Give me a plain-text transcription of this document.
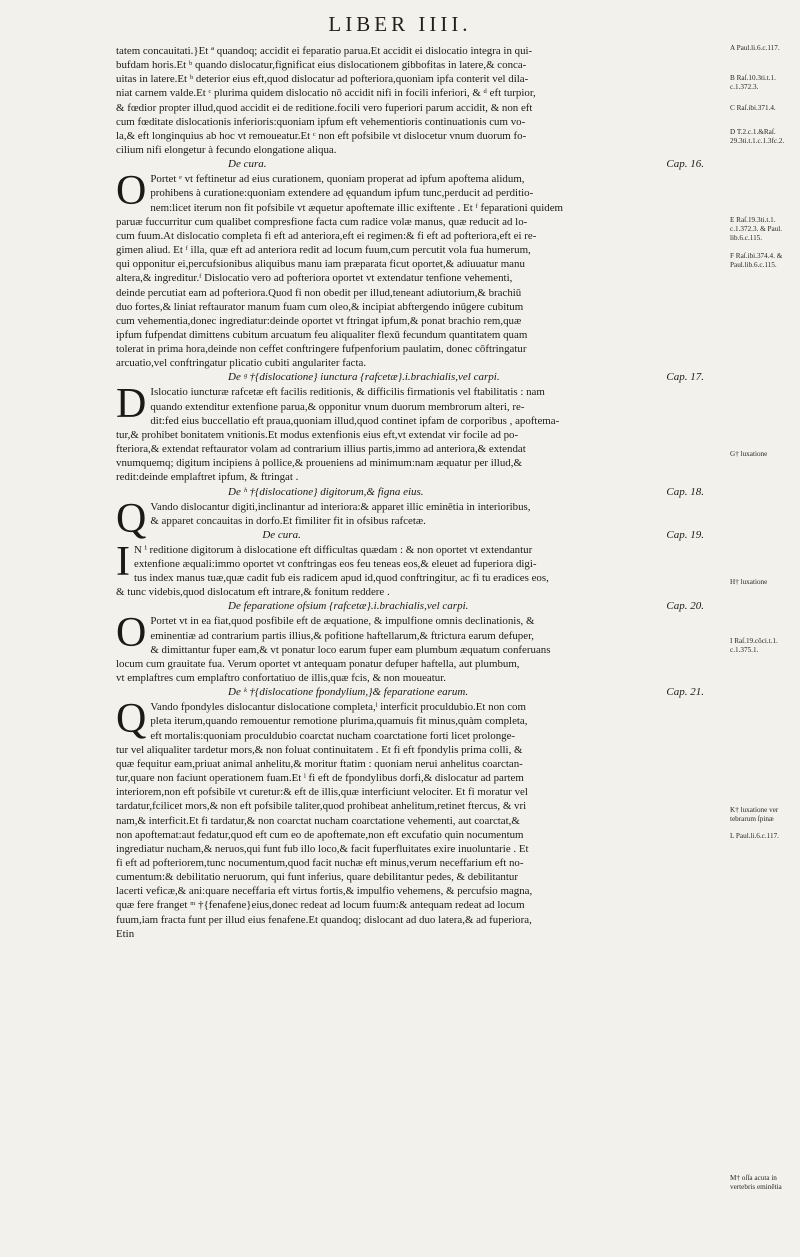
LIBER IIII.
tatem concauitati.}Et ª quandoq; accidit ei feparatio parua.Et accidit ei dislocatio integra in qui-
bufdam horis.Et ᵇ quando dislocatur,fignificat eius dislocationem gibbofitas in latere,& conca-
uitas in latere.Et ᵇ deterior eius eft,quod dislocatur ad pofteriora,quoniam ipfa conterit vel dila-
niat carnem valde.Et ᶜ plurima quidem dislocatio nō accidit nifi in focili inferiori, & ᵈ eft turpior,
& fœdior propter illud,quod accidit ei de reditione.focili vero fuperiori parum accidit, & non eft
cum fœditate dislocationis inferioris:quoniam ipfum eft vehementioris continuationis cum vo-
la,& eft longinquius ab hoc vt remoueatur.Et ᶜ non eft pofsibile vt dislocetur vnum duorum fo-
cilium nifi elongetur à fecundo elongatione aliqua.
De cura.	Cap. 16.
O Portet ᵉ vt feftinetur ad eius curationem, quoniam properat ad ipfum apoftema alidum,
prohibens à curatione:quoniam extendere ad ęquandum ipfum tunc,perducit ad perditio-
nem:licet iterum non fit pofsibile vt æquetur apoftemate illic exiftente . Et ᶠ feparationi quidem
paruæ fuccurritur cum qualibet compresfione facta cum radice volæ manus, quæ reducit ad lo-
cum fuum.At dislocatio completa fi eft ad anteriora,eft ei regimen:& fi eft ad pofteriora,eft ei re-
gimen aliud. Et ᶠ illa, quæ eft ad anteriora redit ad locum fuum,cum percutit vola fua humerum,
qui opponitur ei,percufsionibus aliquibus manu iam præparata ficut oportet,& adiuuatur manu
altera,& ingreditur.ᶠ Dislocatio vero ad pofteriora oportet vt extendatur tenfione vehementi,
deinde percutiat eam ad pofteriora.Quod fi non obedit per illud,teneant adiutorium,& brachiū
duo fortes,& liniat reftaurator manum fuam cum oleo,& incipiat abftergendo inūgere cubitum
cum vehementia,donec ingrediatur:deinde oportet vt ftringat ipfum,& ponat brachio rem,quæ
ipfum fufpendat dimittens cubitum arcuatum feu aliqualiter flexū fecundum quantitatem quam
tolerat in prima hora,deinde non ceffet conftringere fufpenforium paulatim, donec cōftringatur
arcuatio,vel conftringatur plicatio cubiti angulariter facta.
De ᵍ †{dislocatione} iunctura {rafcetæ}.i.brachialis,vel carpi.	Cap. 17.
D Islocatio iuncturæ rafcetæ eft facilis reditionis, & difficilis firmationis vel ftabilitatis : nam
quando extenditur extenfione parua,& opponitur vnum duorum membrorum alteri, re-
dit:fed eius buccellatio eft praua,quoniam illud,quod continet ipfam de corporibus , apoftema-
tur,& prohibet bonitatem vnitionis.Et modus extenfionis eius eft,vt extendat vir focile ad po-
fteriora,& extendat reftaurator volam ad contrarium illius partis,immo ad anteriora,& extendat
vnumquemq; digitum incipiens à pollice,& proueniens ad minimum:nam æquatur per illud,&
redit:deinde emplaftret ipfum, & ftringat .
De ʰ †{dislocatione} digitorum,& figna eius.	Cap. 18.
Q Vando dislocantur digiti,inclinantur ad interiora:& apparet illic eminētia in interioribus,
& apparet concauitas in dorfo.Et fimiliter fit in ofsibus rafcetæ.
De cura.	Cap. 19.
I N ⁱ reditione digitorum à dislocatione eft difficultas quædam : & non oportet vt extendantur
extenfione æquali:immo oportet vt conftringas eos feu teneas eos,& eleuet ad fuperiora digi-
tus index manus tuæ,quæ cadit fub eis radicem apud id,quod conftringitur, ac fi tu eradices eos,
& tunc videbis,quod dislocatum eft intrare,& fonitum reddere .
De feparatione ofsium {rafcetæ}.i.brachialis,vel carpi.	Cap. 20.
O Portet vt in ea fiat,quod posfibile eft de æquatione, & impulfione omnis declinationis, &
eminentiæ ad contrarium partis illius,& pofitione haftellarum,& ftrictura earum defuper,
& dimittantur fuper eam,& vt ponatur loco earum fuper eam plumbum æquatum conferuans
locum cum grauitate fua. Verum oportet vt antequam ponatur defuper haftella, aut plumbum,
vt emplaftres cum emplaftro confortatiuo de illis,quæ fcis, & non moueatur.
De ᵏ †{dislocatione fpondylium,}& feparatione earum.	Cap. 21.
Q Vando fpondyles dislocantur dislocatione completa,ˡ interficit proculdubio.Et non com
pleta iterum,quando remouentur remotione plurima,quamuis fit minus,quàm completa,
eft mortalis:quoniam proculdubio coarctat nucham coarctatione forti licet prolonge-
tur vel aliqualiter tardetur mors,& non foluat continuitatem . Et fi eft fpondylis prima colli, &
quæ fequitur eam,priuat animal anhelitu,& moritur ftatim : quoniam nerui anhelitus coarctan-
tur,quare non faciunt operationem fuam.Et ˡ fi eft de fpondylibus dorfi,& dislocatur ad partem
interiorem,non eft pofsibile vt curetur:& eft de illis,quæ interficiunt velociter. Et fi moratur vel
tardatur,fcilicet mors,& non eft pofsibile taliter,quod prohibeat anhelitum,retinet ftercus, & vri
nam,& interficit.Et fi tardatur,& non coarctat nucham coarctatione vehementi, aut coarctat,&
non apoftemat:aut fedatur,quod eft cum eo de apoftemate,non eft excufatio quin nocumentum
ingrediatur nucham,& neruos,qui funt fub illo loco,& facit fuperfluitates exire inuoluntarie . Et
fi eft ad pofteriorem,tunc nocumentum,quod facit nuchæ eft minus,verum neceffarium eft no-
cumentum:& debilitatio neruorum, qui funt inferius, quare debilitantur pedes, & debilitantur
lacerti veficæ,& ani:quare neceffaria eft virtus fortis,& impulfio vehemens, & percufsio magna,
quæ fere franget ᵐ †{fenafene}eius,donec redeat ad locum fuum:& antequam redeat ad locum
fuum,iam fracta funt per illud eius fenafene.Et quandoq; dislocant ad duo latera,& ad fuperiora,
Etin
A Paul.li.6.c.117.
B Raſ.10.3ti.t.1. c.1.372.3.
C Raſ.ibi.371.4.
D T.2.c.1.&Raſ. 29.3ti.t.1.c.1.3fc.2.
E Raſ.19.3ti.t.1. c.1.372.3. & Paul. lib.6.c.115.
F Raſ.ibi.374.4. & Paul.lib.6.c.115.
G† luxatione
H† luxatione
I Raſ.19.côci.t.1. c.1.375.1.
K† luxatione ver tebrarum ſpinæ
L Paul.li.6.c.117.
M† oſſa acuta in vertebris eminētia
